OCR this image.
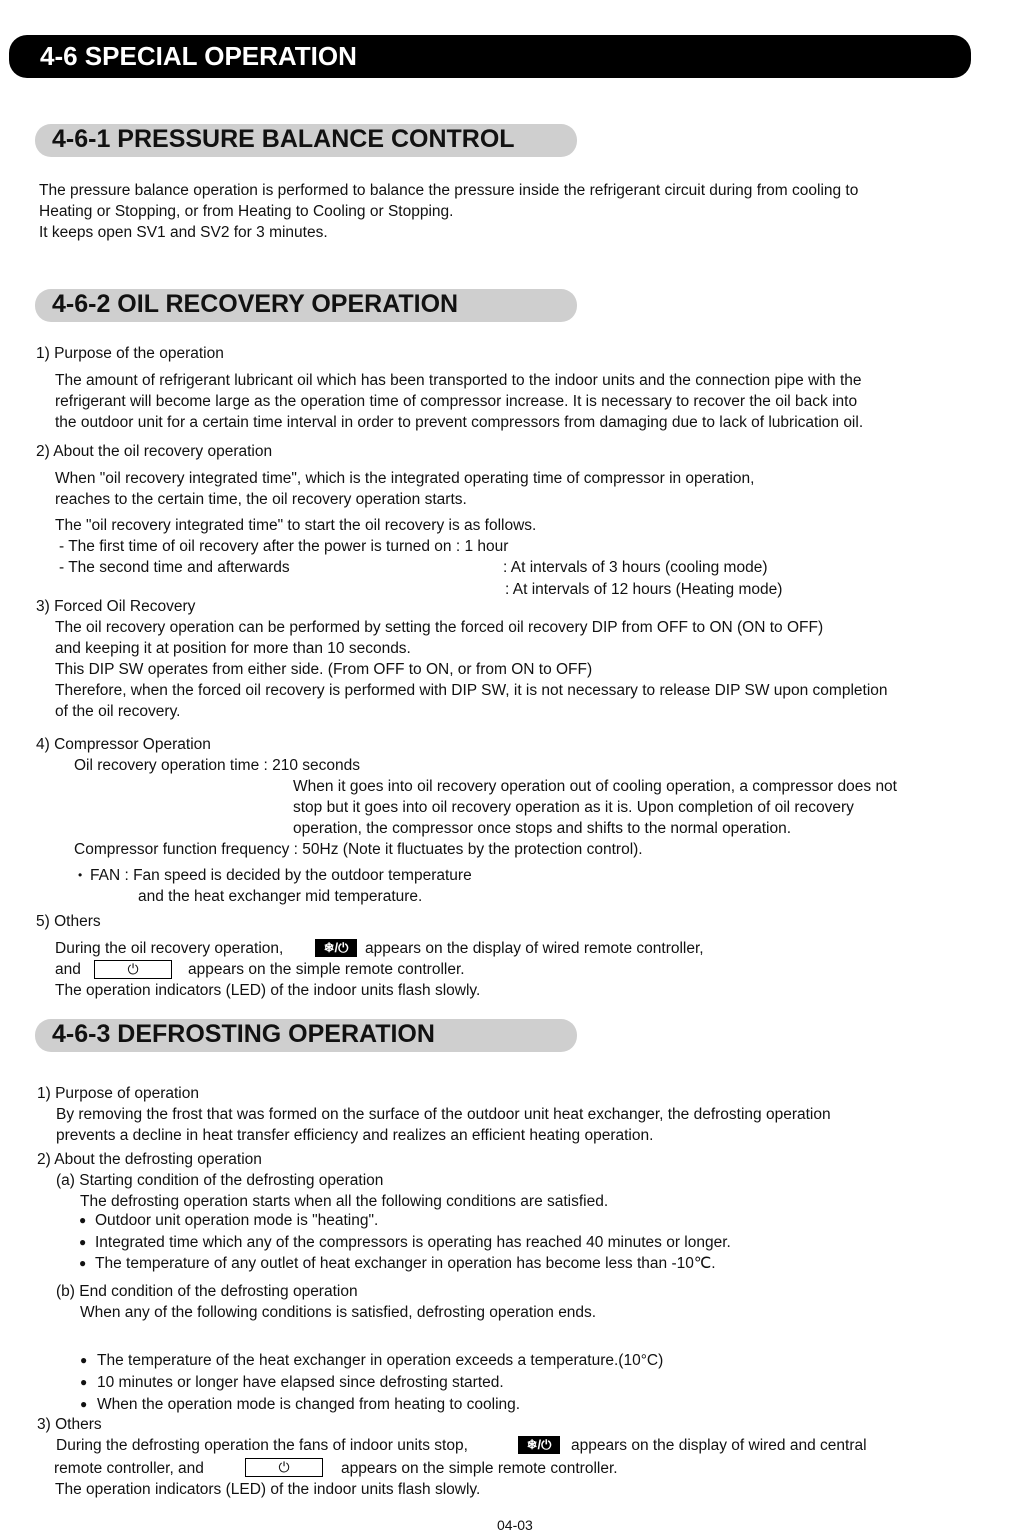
4-6 SPECIAL OPERATION
4-6-1 PRESSURE BALANCE CONTROL
The pressure balance operation is performed to balance the pressure inside the refrigerant circuit during from cooling to
Heating or Stopping, or from Heating to Cooling or Stopping.
It keeps open SV1 and SV2 for 3 minutes.
4-6-2 OIL RECOVERY OPERATION
1) Purpose of the operation
The amount of refrigerant lubricant oil which has been transported to the indoor units and the connection pipe with the
refrigerant will become large as the operation time of compressor increase. It is necessary to recover the oil back into
the outdoor unit for a certain time interval in order to prevent compressors from damaging due to lack of lubrication oil.
2) About the oil recovery operation
When "oil recovery integrated time", which is the integrated operating time of compressor in operation,
reaches to the certain time, the oil recovery operation starts.
The "oil recovery integrated time" to start the oil recovery is as follows.
- The first time of oil recovery after the power is turned on : 1 hour
- The second time and afterwards	: At intervals of 3 hours (cooling mode)
: At intervals of 12 hours (Heating mode)
3) Forced Oil Recovery
The oil recovery operation can be performed by setting the forced oil recovery DIP from OFF to ON (ON to OFF)
and keeping it at position for more than 10 seconds.
This DIP SW operates from either side. (From OFF to ON, or from ON to OFF)
Therefore, when the forced oil recovery is performed with DIP SW, it is not necessary to release DIP SW upon completion
of the oil recovery.
4) Compressor Operation
Oil recovery operation time : 210 seconds
When it goes into oil recovery operation out of cooling operation, a compressor does not
stop but it goes into oil recovery operation as it is. Upon completion of oil recovery
operation, the compressor once stops and shifts to the normal operation.
Compressor function frequency : 50Hz (Note it fluctuates by the protection control).
• FAN : Fan speed is decided by the outdoor temperature
and the heat exchanger mid temperature.
5) Others
During the oil recovery operation,	❄/⏻	appears on the display of wired remote controller,
and	⏻	appears on the simple remote controller.
The operation indicators (LED) of the indoor units flash slowly.
4-6-3 DEFROSTING OPERATION
1) Purpose of operation
By removing the frost that was formed on the surface of the outdoor unit heat exchanger, the defrosting operation
prevents a decline in heat transfer efficiency and realizes an efficient heating operation.
2) About the defrosting operation
(a) Starting condition of the defrosting operation
The defrosting operation starts when all the following conditions are satisfied.
● Outdoor unit operation mode is "heating".
● Integrated time which any of the compressors is operating has reached 40 minutes or longer.
● The temperature of any outlet of heat exchanger in operation has become less than -10℃.
(b) End condition of the defrosting operation
When any of the following conditions is satisfied, defrosting operation ends.
● The temperature of the heat exchanger in operation exceeds a temperature.(10°C)
● 10 minutes or longer have elapsed since defrosting started.
● When the operation mode is changed from heating to cooling.
3) Others
During the defrosting operation the fans of indoor units stop,	❄/⏻	appears on the display of wired and central
remote controller, and	⏻	appears on the simple remote controller.
The operation indicators (LED) of the indoor units flash slowly.
04-03
